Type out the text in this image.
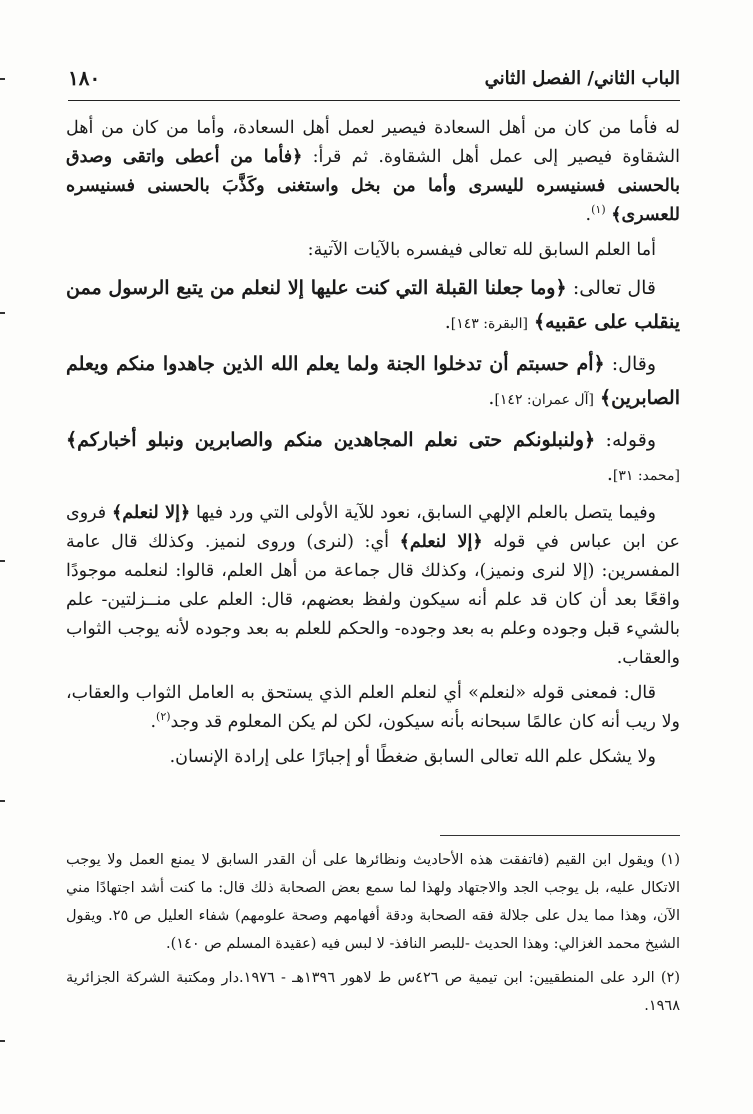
الباب الثاني/ الفصل الثاني
١٨٠

له فأما من كان من أهل السعادة فيصير لعمل أهل السعادة، وأما من كان من أهل الشقاوة فيصير إلى عمل أهل الشقاوة. ثم قرأ: ﴿فأما من أعطى واتقى وصدق بالحسنى فسنيسره لليسرى وأما من بخل واستغنى وكَذَّبَ بالحسنى فسنيسره للعسرى﴾ $^{(١)}$.

أما العلم السابق لله تعالى فيفسره بالآيات الآتية:

قال تعالى: ﴿وما جعلنا القبلة التي كنت عليها إلا لنعلم من يتبع الرسول ممن ينقلب على عقبيه﴾ [البقرة: ١٤٣].

وقال: ﴿أم حسبتم أن تدخلوا الجنة ولما يعلم الله الذين جاهدوا منكم ويعلم الصابرين﴾ [آل عمران: ١٤٢].

وقوله: ﴿ولنبلونكم حتى نعلم المجاهدين منكم والصابرين ونبلو أخباركم﴾ [محمد: ٣١].

وفيما يتصل بالعلم الإلهي السابق، نعود للآية الأولى التي ورد فيها ﴿إلا لنعلم﴾ فروى عن ابن عباس في قوله ﴿إلا لنعلم﴾ أي: (لنرى) وروى لنميز. وكذلك قال عامة المفسرين: (إلا لنرى ونميز)، وكذلك قال جماعة من أهل العلم، قالوا: لنعلمه موجودًا واقعًا بعد أن كان قد علم أنه سيكون ولفظ بعضهم، قال: العلم على منــزلتين- علم بالشيء قبل وجوده وعلم به بعد وجوده- والحكم للعلم به بعد وجوده لأنه يوجب الثواب والعقاب.

قال: فمعنى قوله «لنعلم» أي لنعلم العلم الذي يستحق به العامل الثواب والعقاب، ولا ريب أنه كان عالمًا سبحانه بأنه سيكون، لكن لم يكن المعلوم قد وجد$^{(٢)}$.

ولا يشكل علم الله تعالى السابق ضغطًا أو إجبارًا على إرادة الإنسان.

(١) ويقول ابن القيم (فاتفقت هذه الأحاديث ونظائرها على أن القدر السابق لا يمنع العمل ولا يوجب الاتكال عليه، بل يوجب الجد والاجتهاد ولهذا لما سمع بعض الصحابة ذلك قال: ما كنت أشد اجتهادًا مني الآن، وهذا مما يدل على جلالة فقه الصحابة ودقة أفهامهم وصحة علومهم) شفاء العليل ص ٢٥. ويقول الشيخ محمد الغزالي: وهذا الحديث -للبصر النافذ- لا لبس فيه (عقيدة المسلم ص ١٤٠).

(٢) الرد على المنطقيين: ابن تيمية ص ٤٢٦س ط لاهور ١٣٩٦هـ - ١٩٧٦.دار ومكتبة الشركة الجزائرية ١٩٦٨.
